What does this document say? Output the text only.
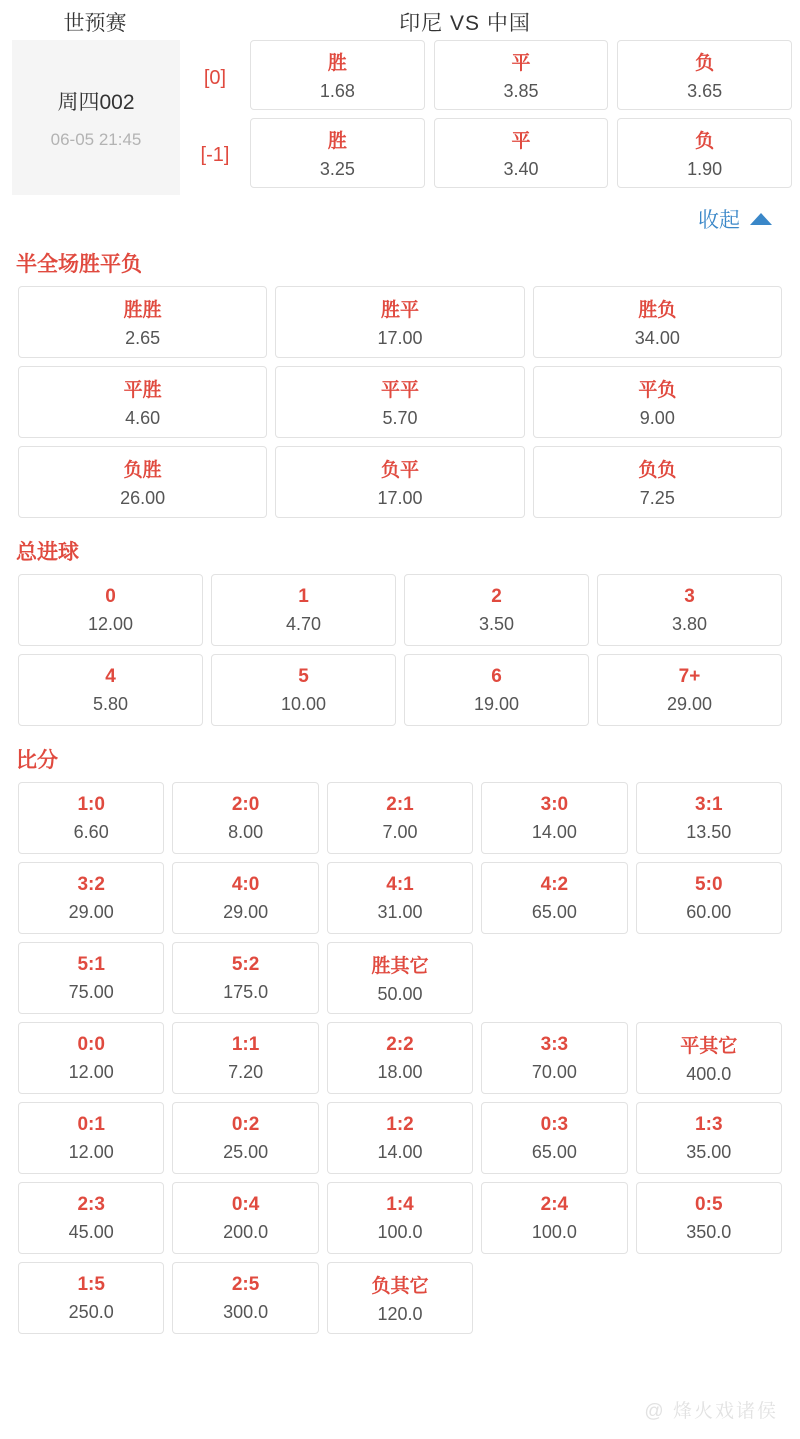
世预赛	印尼 VS 中国
周四002
06-05 21:45
[0]
[-1]
胜
1.68
平
3.85
负
3.65
胜
3.25
平
3.40
负
1.90
收起
半全场胜平负
胜胜
2.65
胜平
17.00
胜负
34.00
平胜
4.60
平平
5.70
平负
9.00
负胜
26.00
负平
17.00
负负
7.25
总进球
0
12.00
1
4.70
2
3.50
3
3.80
4
5.80
5
10.00
6
19.00
7+
29.00
比分
1:0
6.60
2:0
8.00
2:1
7.00
3:0
14.00
3:1
13.50
3:2
29.00
4:0
29.00
4:1
31.00
4:2
65.00
5:0
60.00
5:1
75.00
5:2
175.0
胜其它
50.00
0:0
12.00
1:1
7.20
2:2
18.00
3:3
70.00
平其它
400.0
0:1
12.00
0:2
25.00
1:2
14.00
0:3
65.00
1:3
35.00
2:3
45.00
0:4
200.0
1:4
100.0
2:4
100.0
0:5
350.0
1:5
250.0
2:5
300.0
负其它
120.0
@ 烽火戏诸侯
